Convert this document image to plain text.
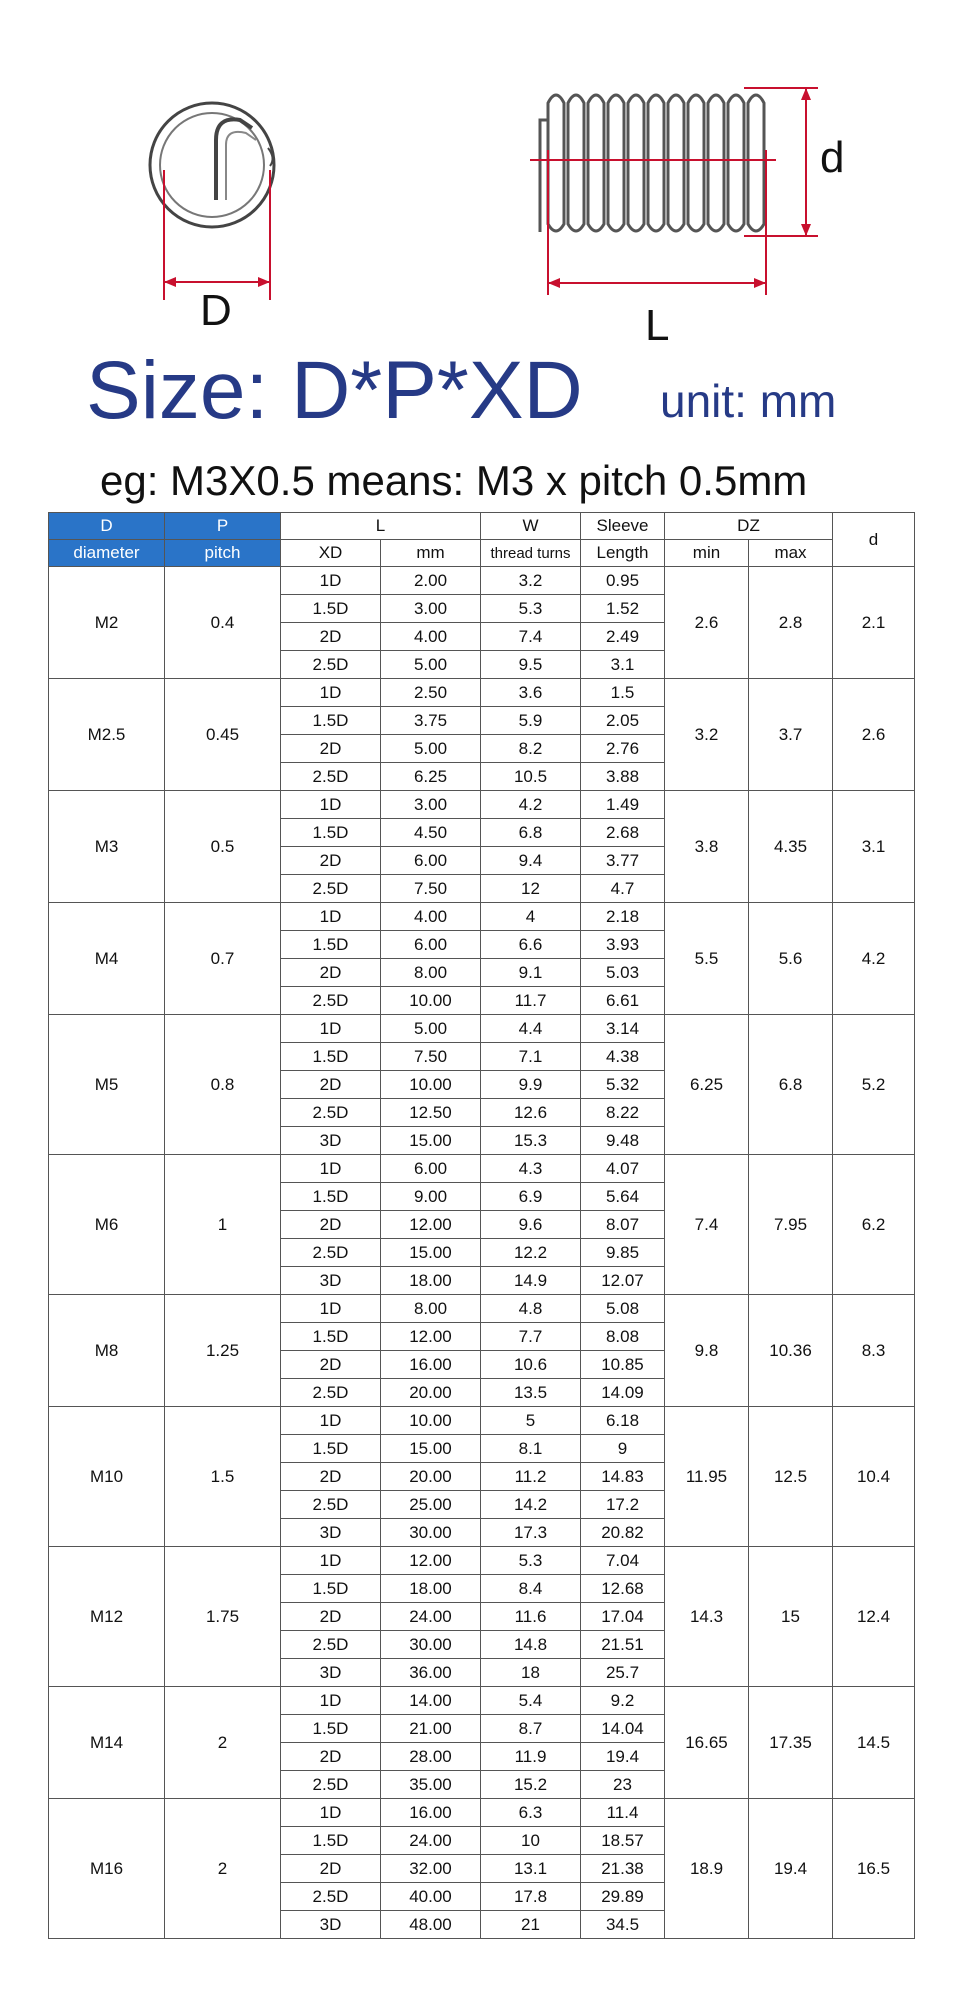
D
d
L
Size: D*P*XD unit: mm
eg: M3X0.5 means: M3 x pitch 0.5mm
D	P	L		W	Sleeve	DZ		d
diameter	pitch	XD	mm	thread turns	Length	min	max	
M2	0.4	1D	2.00	3.2	0.95	2.6	2.8	2.1
		1.5D	3.00	5.3	1.52			
		2D	4.00	7.4	2.49			
		2.5D	5.00	9.5	3.1			
M2.5	0.45	1D	2.50	3.6	1.5	3.2	3.7	2.6
		1.5D	3.75	5.9	2.05			
		2D	5.00	8.2	2.76			
		2.5D	6.25	10.5	3.88			
M3	0.5	1D	3.00	4.2	1.49	3.8	4.35	3.1
		1.5D	4.50	6.8	2.68			
		2D	6.00	9.4	3.77			
		2.5D	7.50	12	4.7			
M4	0.7	1D	4.00	4	2.18	5.5	5.6	4.2
		1.5D	6.00	6.6	3.93			
		2D	8.00	9.1	5.03			
		2.5D	10.00	11.7	6.61			
M5	0.8	1D	5.00	4.4	3.14	6.25	6.8	5.2
		1.5D	7.50	7.1	4.38			
		2D	10.00	9.9	5.32			
		2.5D	12.50	12.6	8.22			
		3D	15.00	15.3	9.48			
M6	1	1D	6.00	4.3	4.07	7.4	7.95	6.2
		1.5D	9.00	6.9	5.64			
		2D	12.00	9.6	8.07			
		2.5D	15.00	12.2	9.85			
		3D	18.00	14.9	12.07			
M8	1.25	1D	8.00	4.8	5.08	9.8	10.36	8.3
		1.5D	12.00	7.7	8.08			
		2D	16.00	10.6	10.85			
		2.5D	20.00	13.5	14.09			
M10	1.5	1D	10.00	5	6.18	11.95	12.5	10.4
		1.5D	15.00	8.1	9			
		2D	20.00	11.2	14.83			
		2.5D	25.00	14.2	17.2			
		3D	30.00	17.3	20.82			
M12	1.75	1D	12.00	5.3	7.04	14.3	15	12.4
		1.5D	18.00	8.4	12.68			
		2D	24.00	11.6	17.04			
		2.5D	30.00	14.8	21.51			
		3D	36.00	18	25.7			
M14	2	1D	14.00	5.4	9.2	16.65	17.35	14.5
		1.5D	21.00	8.7	14.04			
		2D	28.00	11.9	19.4			
		2.5D	35.00	15.2	23			
M16	2	1D	16.00	6.3	11.4	18.9	19.4	16.5
		1.5D	24.00	10	18.57			
		2D	32.00	13.1	21.38			
		2.5D	40.00	17.8	29.89			
		3D	48.00	21	34.5			
